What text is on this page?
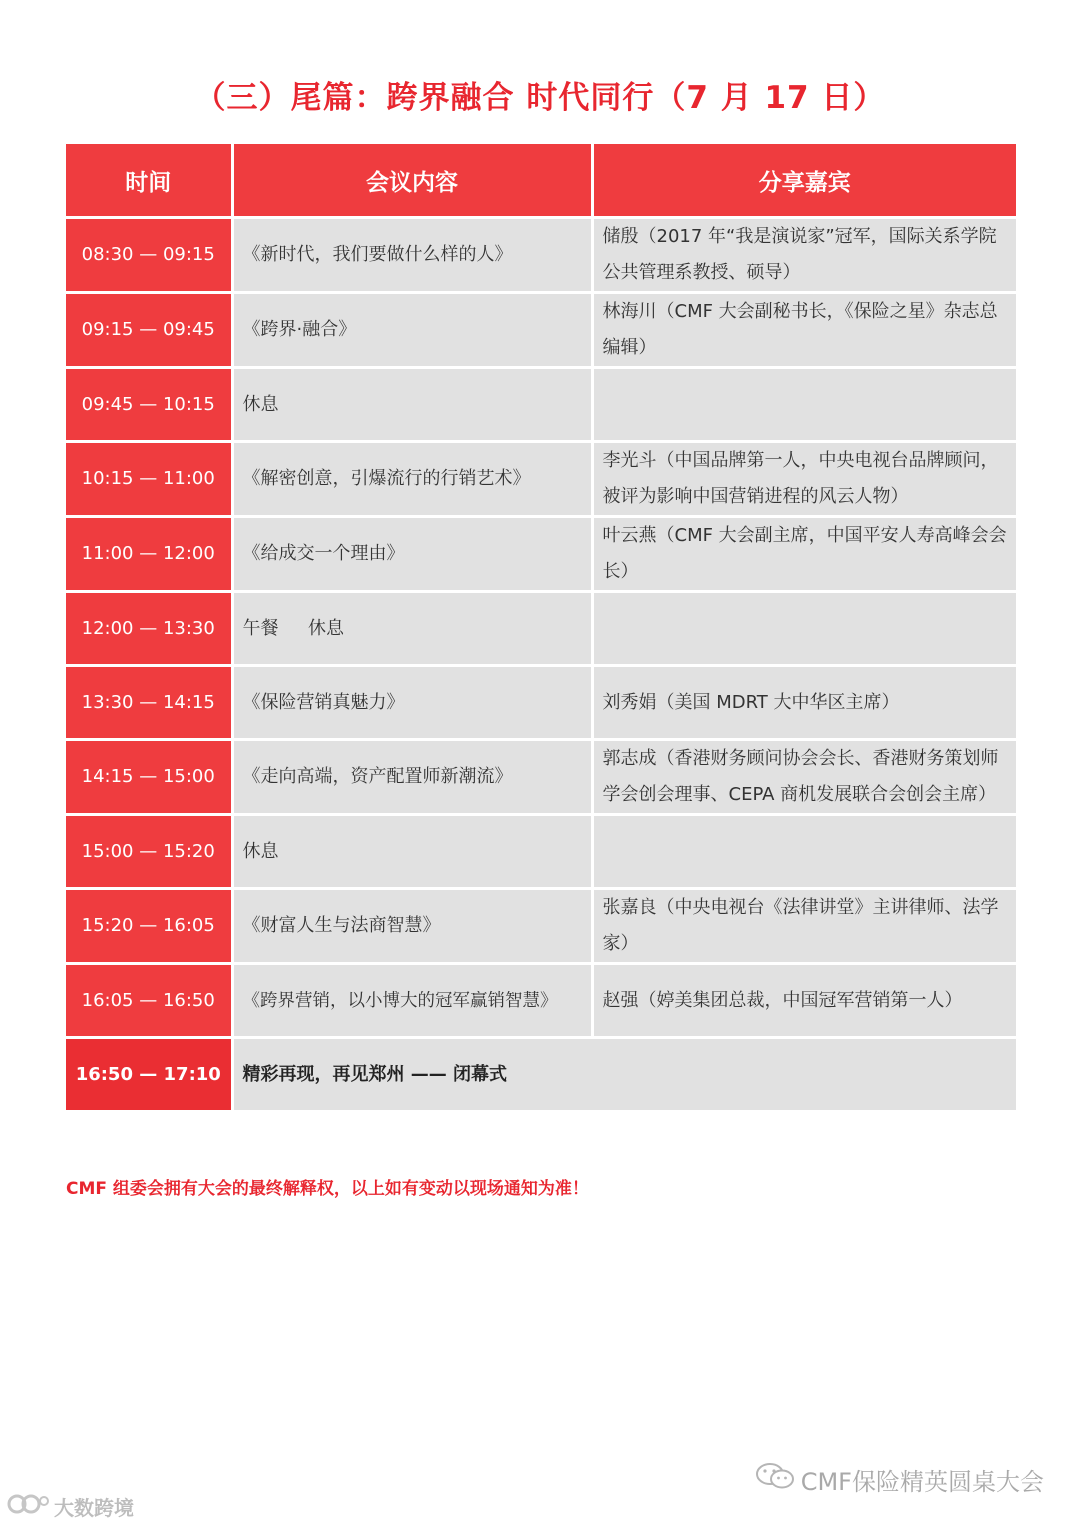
（三）尾篇：跨界融合 时代同行（7 月 17 日）
时间	会议内容	分享嘉宾
08:30 — 09:15	《新时代，我们要做什么样的人》	储殷（2017 年“我是演说家”冠军，国际关系学院公共管理系教授、硕导）
09:15 — 09:45	《跨界·融合》	林海川（CMF 大会副秘书长，《保险之星》杂志总编辑）
09:45 — 10:15	休息	
10:15 — 11:00	《解密创意，引爆流行的行销艺术》	李光斗（中国品牌第一人，中央电视台品牌顾问，被评为影响中国营销进程的风云人物）
11:00 — 12:00	《给成交一个理由》	叶云燕（CMF 大会副主席，中国平安人寿高峰会会长）
12:00 — 13:30	午餐　  休息	
13:30 — 14:15	《保险营销真魅力》	刘秀娟（美国 MDRT 大中华区主席）
14:15 — 15:00	《走向高端，资产配置师新潮流》	郭志成（香港财务顾问协会会长、香港财务策划师学会创会理事、CEPA 商机发展联合会创会主席）
15:00 — 15:20	休息	
15:20 — 16:05	《财富人生与法商智慧》	张嘉良（中央电视台《法律讲堂》主讲律师、法学家）
16:05 — 16:50	《跨界营销，以小博大的冠军赢销智慧》	赵强（婷美集团总裁，中国冠军营销第一人）
16:50 — 17:10	精彩再现，再见郑州 —— 闭幕式	

CMF 组委会拥有大会的最终解释权，以上如有变动以现场通知为准！

CMF保险精英圆桌大会
大数跨境
